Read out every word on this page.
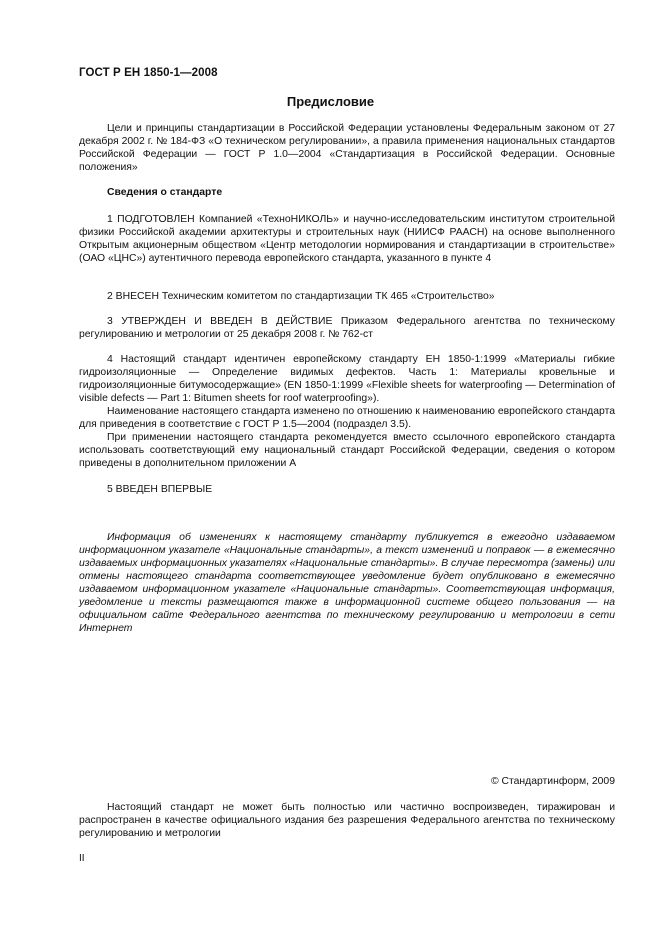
ГОСТ Р ЕН 1850-1—2008
Предисловие

Цели и принципы стандартизации в Российской Федерации установлены Федеральным законом от 27 декабря 2002 г. № 184-ФЗ «О техническом регулировании», а правила применения национальных стандартов Российской Федерации — ГОСТ Р 1.0—2004 «Стандартизация в Российской Федерации. Основные положения»

Сведения о стандарте

1 ПОДГОТОВЛЕН Компанией «ТехноНИКОЛЬ» и научно-исследовательским институтом строительной физики Российской академии архитектуры и строительных наук (НИИСФ РААСН) на основе выполненного Открытым акционерным обществом «Центр методологии нормирования и стандартизации в строительстве» (ОАО «ЦНС») аутентичного перевода европейского стандарта, указанного в пункте 4

2 ВНЕСЕН Техническим комитетом по стандартизации ТК 465 «Строительство»

3 УТВЕРЖДЕН И ВВЕДЕН В ДЕЙСТВИЕ Приказом Федерального агентства по техническому регулированию и метрологии от 25 декабря 2008 г. № 762-ст

4 Настоящий стандарт идентичен европейскому стандарту ЕН 1850-1:1999 «Материалы гибкие гидроизоляционные — Определение видимых дефектов. Часть 1: Материалы кровельные и гидроизоляционные битумосодержащие» (EN 1850-1:1999 «Flexible sheets for waterproofing — Determination of visible defects — Part 1: Bitumen sheets for roof waterproofing»).

Наименование настоящего стандарта изменено по отношению к наименованию европейского стандарта для приведения в соответствие с ГОСТ Р 1.5—2004 (подраздел 3.5).

При применении настоящего стандарта рекомендуется вместо ссылочного европейского стандарта использовать соответствующий ему национальный стандарт Российской Федерации, сведения о котором приведены в дополнительном приложении А

5 ВВЕДЕН ВПЕРВЫЕ

Информация об изменениях к настоящему стандарту публикуется в ежегодно издаваемом информационном указателе «Национальные стандарты», а текст изменений и поправок — в ежемесячно издаваемых информационных указателях «Национальные стандарты». В случае пересмотра (замены) или отмены настоящего стандарта соответствующее уведомление будет опубликовано в ежемесячно издаваемом информационном указателе «Национальные стандарты». Соответствующая информация, уведомление и тексты размещаются также в информационной системе общего пользования — на официальном сайте Федерального агентства по техническому регулированию и метрологии в сети Интернет

© Стандартинформ, 2009

Настоящий стандарт не может быть полностью или частично воспроизведен, тиражирован и распространен в качестве официального издания без разрешения Федерального агентства по техническому регулированию и метрологии

II
